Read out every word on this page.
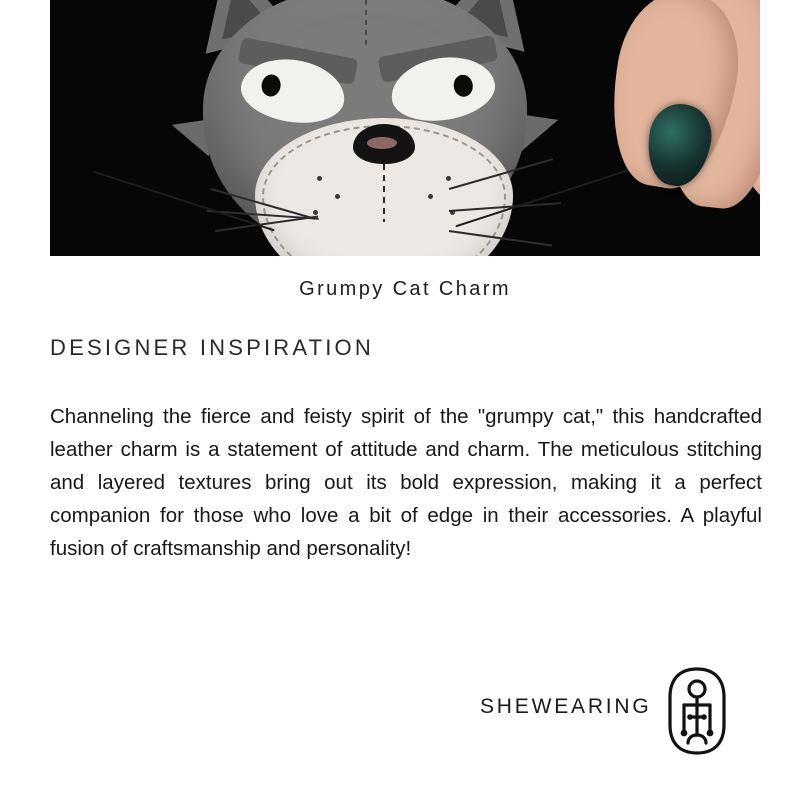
Grumpy Cat Charm
DESIGNER INSPIRATION
Channeling the fierce and feisty spirit of the "grumpy cat," this handcrafted leather charm is a statement of attitude and charm. The meticulous stitching and layered textures bring out its bold expression, making it a perfect companion for those who love a bit of edge in their accessories. A playful fusion of craftsmanship and personality!
SHEWEARING
